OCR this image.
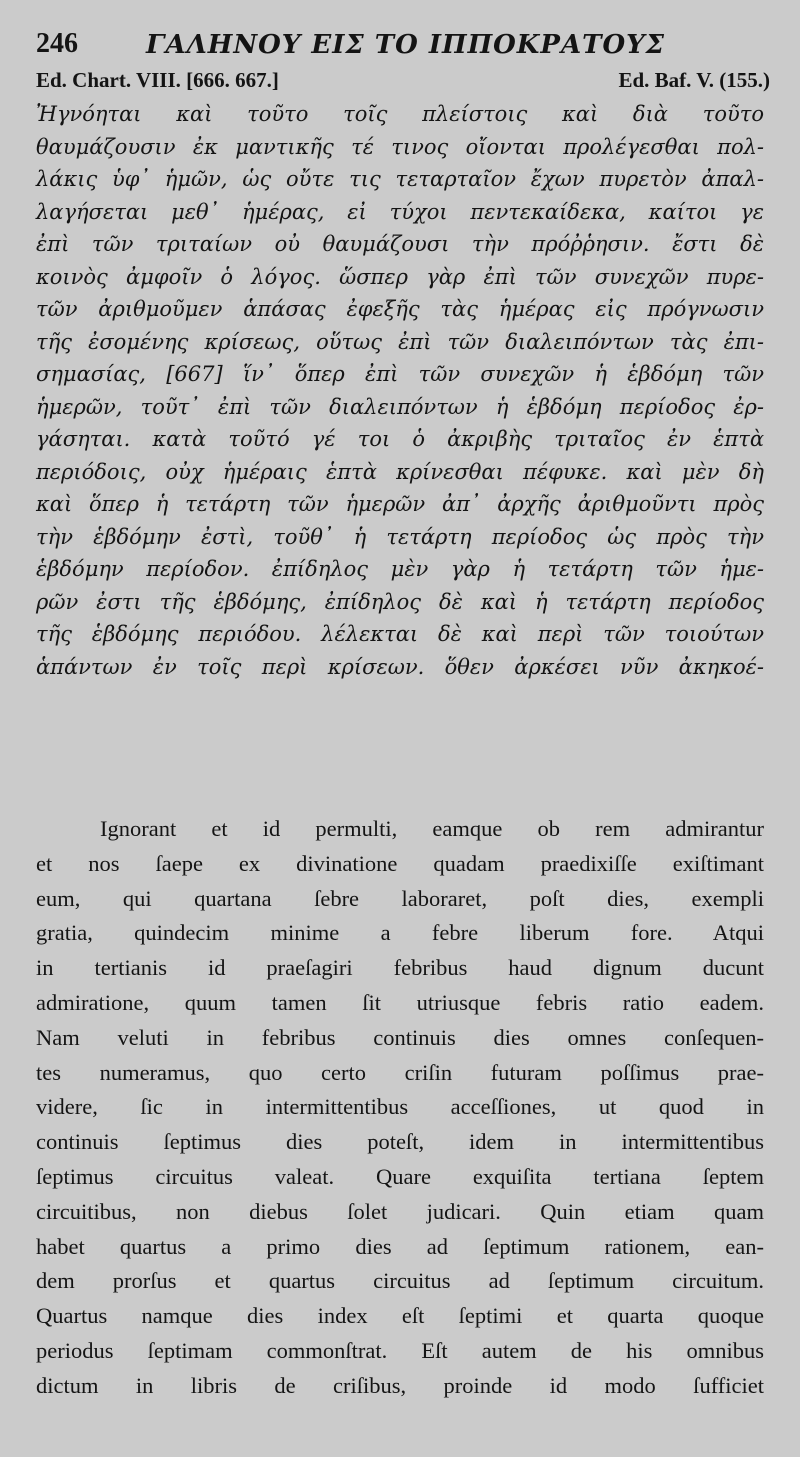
246	ΓΑΛΗΝΟΥ ΕΙΣ ΤΟ ΙΠΠΟΚΡΑΤΟΥΣ
Ed. Chart. VIII. [666. 667.]	Ed. Baf. V. (155.)
Ἠγνόηται καὶ τοῦτο τοῖς πλείστοις καὶ διὰ τοῦτο
θαυμάζουσιν ἐκ μαντικῆς τέ τινος οἴονται προλέγεσθαι πολ-
λάκις ὑφ᾽ ἡμῶν, ὡς οὔτε τις τεταρταῖον ἔχων πυρετὸν ἀπαλ-
λαγήσεται μεθ᾽ ἡμέρας, εἰ τύχοι πεντεκαίδεκα, καίτοι γε
ἐπὶ τῶν τριταίων οὐ θαυμάζουσι τὴν πρόῤῥησιν. ἔστι δὲ
κοινὸς ἀμφοῖν ὁ λόγος. ὥσπερ γὰρ ἐπὶ τῶν συνεχῶν πυρε-
τῶν ἀριθμοῦμεν ἁπάσας ἐφεξῆς τὰς ἡμέρας εἰς πρόγνωσιν
τῆς ἐσομένης κρίσεως, οὕτως ἐπὶ τῶν διαλειπόντων τὰς ἐπι-
σημασίας, [667] ἵν᾽ ὅπερ ἐπὶ τῶν συνεχῶν ἡ ἑβδόμη τῶν
ἡμερῶν, τοῦτ᾽ ἐπὶ τῶν διαλειπόντων ἡ ἑβδόμη περίοδος ἐρ-
γάσηται. κατὰ τοῦτό γέ τοι ὁ ἀκριβὴς τριταῖος ἐν ἑπτὰ
περιόδοις, οὐχ ἡμέραις ἑπτὰ κρίνεσθαι πέφυκε. καὶ μὲν δὴ
καὶ ὅπερ ἡ τετάρτη τῶν ἡμερῶν ἀπ᾽ ἀρχῆς ἀριθμοῦντι πρὸς
τὴν ἑβδόμην ἐστὶ, τοῦθ᾽ ἡ τετάρτη περίοδος ὡς πρὸς τὴν
ἑβδόμην περίοδον. ἐπίδηλος μὲν γὰρ ἡ τετάρτη τῶν ἡμε-
ρῶν ἐστι τῆς ἑβδόμης, ἐπίδηλος δὲ καὶ ἡ τετάρτη περίοδος
τῆς ἑβδόμης περιόδου. λέλεκται δὲ καὶ περὶ τῶν τοιούτων
ἁπάντων ἐν τοῖς περὶ κρίσεων. ὅθεν ἀρκέσει νῦν ἀκηκοέ-
Ignorant et id permulti, eamque ob rem admirantur
et nos ſaepe ex divinatione quadam praedixiſſe exiſtimant
eum, qui quartana ſebre laboraret, poſt dies, exempli
gratia, quindecim minime a febre liberum fore. Atqui
in tertianis id praeſagiri febribus haud dignum ducunt
admiratione, quum tamen ſit utriusque febris ratio eadem.
Nam veluti in febribus continuis dies omnes conſequen-
tes numeramus, quo certo criſin futuram poſſimus prae-
videre, ſic in intermittentibus acceſſiones, ut quod in
continuis ſeptimus dies poteſt, idem in intermittentibus
ſeptimus circuitus valeat. Quare exquiſita tertiana ſeptem
circuitibus, non diebus ſolet judicari. Quin etiam quam
habet quartus a primo dies ad ſeptimum rationem, ean-
dem prorſus et quartus circuitus ad ſeptimum circuitum.
Quartus namque dies index eſt ſeptimi et quarta quoque
periodus ſeptimam commonſtrat. Eſt autem de his omnibus
dictum in libris de criſibus, proinde id modo ſufficiet
